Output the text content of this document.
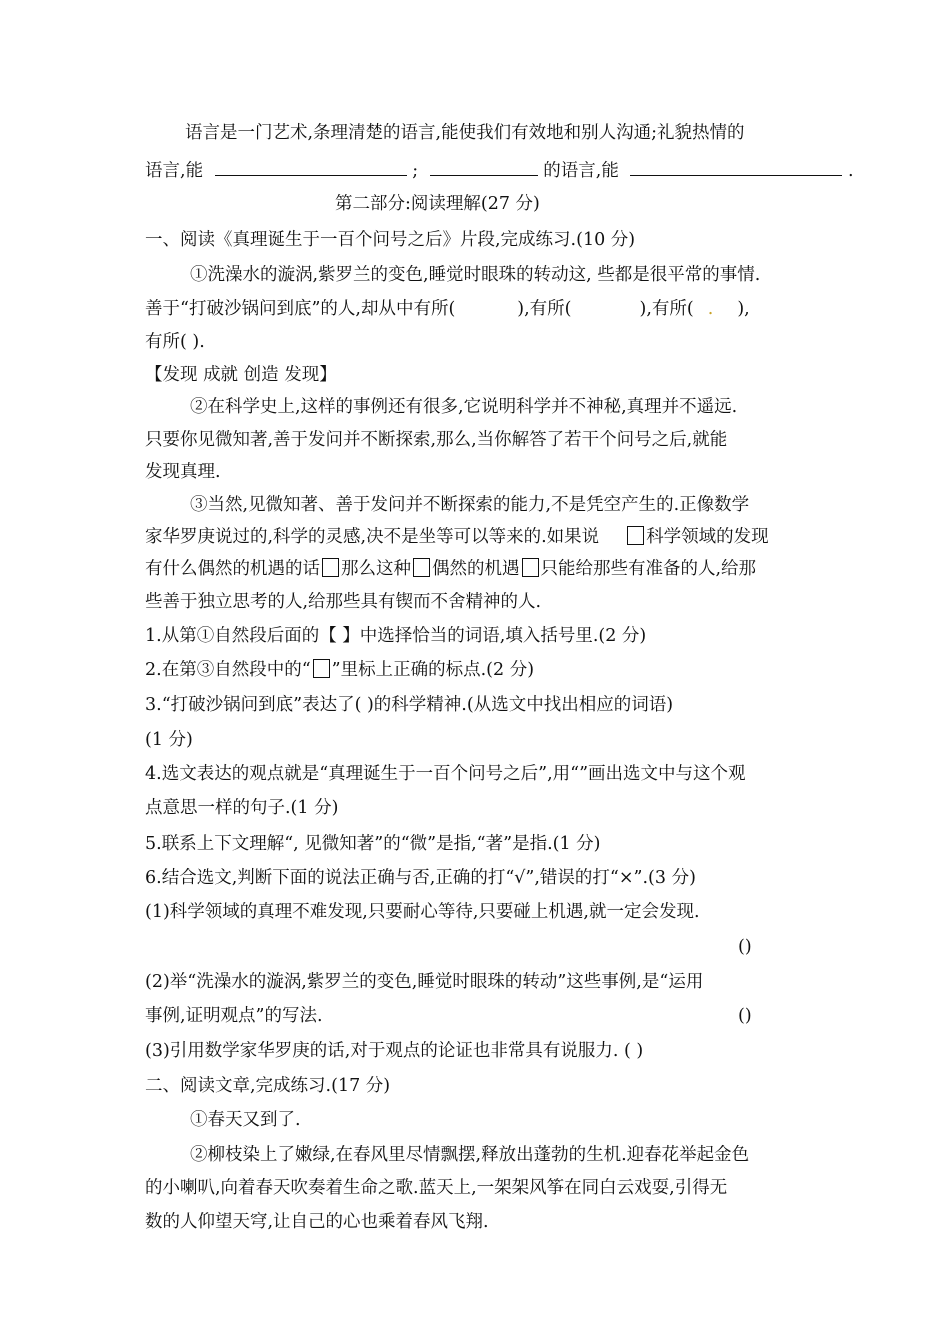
语言是一门艺术,条理清楚的语言,能使我们有效地和别人沟通;礼貌热情的
语言,能	;	的语言,能	.
第二部分:阅读理解(27 分)
一、阅读《真理诞生于一百个问号之后》片段,完成练习.(10 分)
①洗澡水的漩涡,紫罗兰的变色,睡觉时眼珠的转动这, 些都是很平常的事情.
善于“打破沙锅问到底”的人,却从中有所(	),有所(	),有所( . ),
有所( ).
【发现 成就 创造 发现】
②在科学史上,这样的事例还有很多,它说明科学并不神秘,真理并不遥远.
只要你见微知著,善于发问并不断探索,那么,当你解答了若干个问号之后,就能
发现真理.
③当然,见微知著、善于发问并不断探索的能力,不是凭空产生的.正像数学
家华罗庚说过的,科学的灵感,决不是坐等可以等来的.如果说	科学领域的发现
有什么偶然的机遇的话 那么这种 偶然的机遇 只能给那些有准备的人,给那
些善于独立思考的人,给那些具有锲而不舍精神的人.
1.从第①自然段后面的【 】中选择恰当的词语,填入括号里.(2 分)
2.在第③自然段中的“ ”里标上正确的标点.(2 分)
3.“打破沙锅问到底”表达了( )的科学精神.(从选文中找出相应的词语)
(1 分)
4.选文表达的观点就是“真理诞生于一百个问号之后”,用“”画出选文中与这个观
点意思一样的句子.(1 分)
5.联系上下文理解“, 见微知著”的“微”是指,“著”是指.(1 分)
6.结合选文,判断下面的说法正确与否,正确的打“√”,错误的打“×”.(3 分)
(1)科学领域的真理不难发现,只要耐心等待,只要碰上机遇,就一定会发现.
()
(2)举“洗澡水的漩涡,紫罗兰的变色,睡觉时眼珠的转动”这些事例,是“运用
事例,证明观点”的写法.	()
(3)引用数学家华罗庚的话,对于观点的论证也非常具有说服力. ( )
二、阅读文章,完成练习.(17 分)
①春天又到了.
②柳枝染上了嫩绿,在春风里尽情飘摆,释放出蓬勃的生机.迎春花举起金色
的小喇叭,向着春天吹奏着生命之歌.蓝天上,一架架风筝在同白云戏耍,引得无
数的人仰望天穹,让自己的心也乘着春风飞翔.
